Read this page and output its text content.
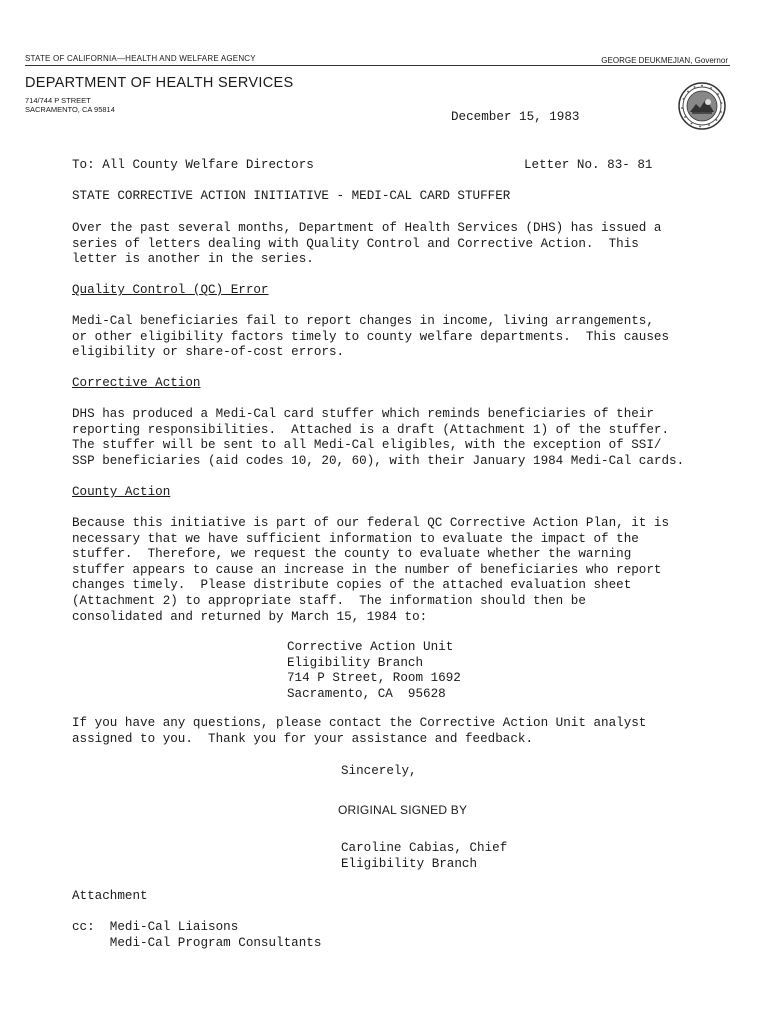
STATE OF CALIFORNIA—HEALTH AND WELFARE AGENCY	GEORGE DEUKMEJIAN, Governor
DEPARTMENT OF HEALTH SERVICES
714/744 P STREET
SACRAMENTO, CA 95814
December 15, 1983
To: All County Welfare Directors	Letter No. 83- 81
STATE CORRECTIVE ACTION INITIATIVE - MEDI-CAL CARD STUFFER
Over the past several months, Department of Health Services (DHS) has issued a
series of letters dealing with Quality Control and Corrective Action.  This
letter is another in the series.
Quality Control (QC) Error
Medi-Cal beneficiaries fail to report changes in income, living arrangements,
or other eligibility factors timely to county welfare departments.  This causes
eligibility or share-of-cost errors.
Corrective Action
DHS has produced a Medi-Cal card stuffer which reminds beneficiaries of their
reporting responsibilities.  Attached is a draft (Attachment 1) of the stuffer.
The stuffer will be sent to all Medi-Cal eligibles, with the exception of SSI/
SSP beneficiaries (aid codes 10, 20, 60), with their January 1984 Medi-Cal cards.
County Action
Because this initiative is part of our federal QC Corrective Action Plan, it is
necessary that we have sufficient information to evaluate the impact of the
stuffer.  Therefore, we request the county to evaluate whether the warning
stuffer appears to cause an increase in the number of beneficiaries who report
changes timely.  Please distribute copies of the attached evaluation sheet
(Attachment 2) to appropriate staff.  The information should then be
consolidated and returned by March 15, 1984 to:
Corrective Action Unit
Eligibility Branch
714 P Street, Room 1692
Sacramento, CA  95628
If you have any questions, please contact the Corrective Action Unit analyst
assigned to you.  Thank you for your assistance and feedback.
Sincerely,
ORIGINAL SIGNED BY
Caroline Cabias, Chief
Eligibility Branch
Attachment
cc:  Medi-Cal Liaisons
Medi-Cal Program Consultants
